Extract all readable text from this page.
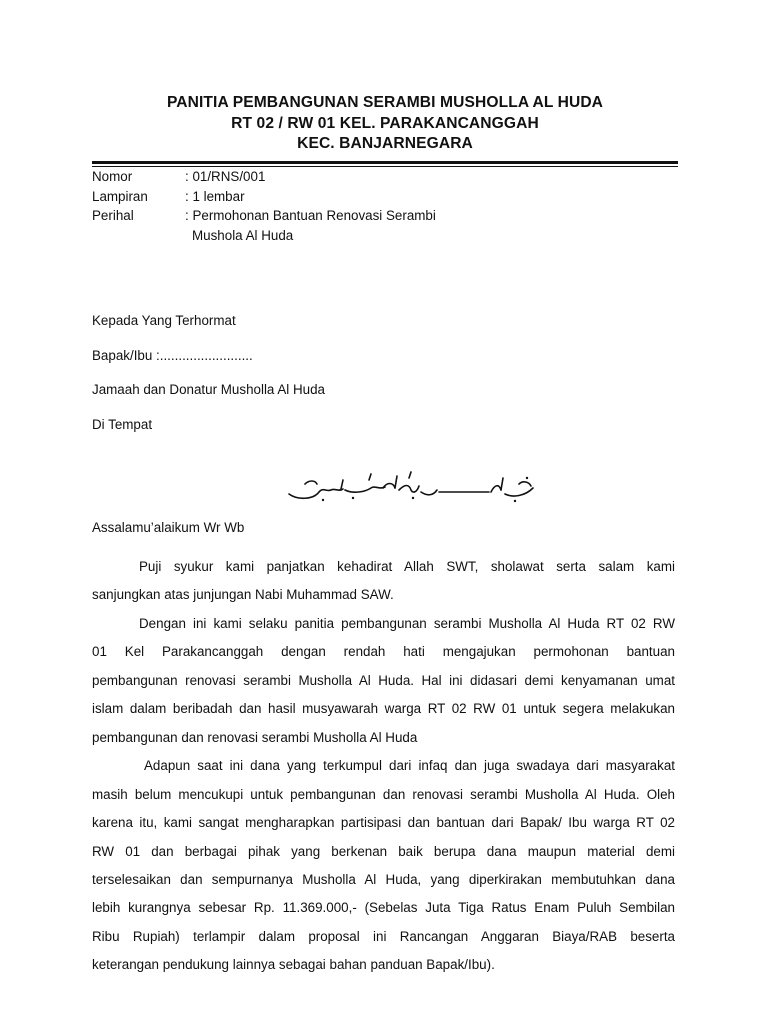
PANITIA PEMBANGUNAN SERAMBI MUSHOLLA AL HUDA
RT 02 / RW 01 KEL. PARAKANCANGGAH
KEC. BANJARNEGARA
Nomor	: 01/RNS/001
Lampiran	: 1 lembar
Perihal	: Permohonan Bantuan Renovasi Serambi
Mushola Al Huda
Kepada Yang Terhormat
Bapak/Ibu :.........................
Jamaah dan Donatur Musholla Al Huda
Di Tempat
Assalamu’alaikum Wr Wb

Puji syukur kami panjatkan kehadirat Allah SWT, sholawat serta salam kami
sanjungkan atas junjungan Nabi Muhammad SAW.

Dengan ini kami selaku panitia pembangunan serambi Musholla Al Huda RT 02 RW
01 Kel Parakancanggah dengan rendah hati mengajukan permohonan bantuan
pembangunan renovasi serambi Musholla Al Huda. Hal ini didasari demi kenyamanan umat
islam dalam beribadah dan hasil musyawarah warga RT 02 RW 01 untuk segera melakukan
pembangunan dan renovasi serambi Musholla Al Huda

Adapun saat ini dana yang terkumpul dari infaq dan juga swadaya dari masyarakat
masih belum mencukupi untuk pembangunan dan renovasi serambi Musholla Al Huda. Oleh
karena itu, kami sangat mengharapkan partisipasi dan bantuan dari Bapak/ Ibu warga RT 02
RW 01 dan berbagai pihak yang berkenan baik berupa dana maupun material demi
terselesaikan dan sempurnanya Musholla Al Huda, yang diperkirakan membutuhkan dana
lebih kurangnya sebesar Rp. 11.369.000,- (Sebelas Juta Tiga Ratus Enam Puluh Sembilan
Ribu Rupiah) terlampir dalam proposal ini Rancangan Anggaran Biaya/RAB beserta
keterangan pendukung lainnya sebagai bahan panduan Bapak/Ibu).
